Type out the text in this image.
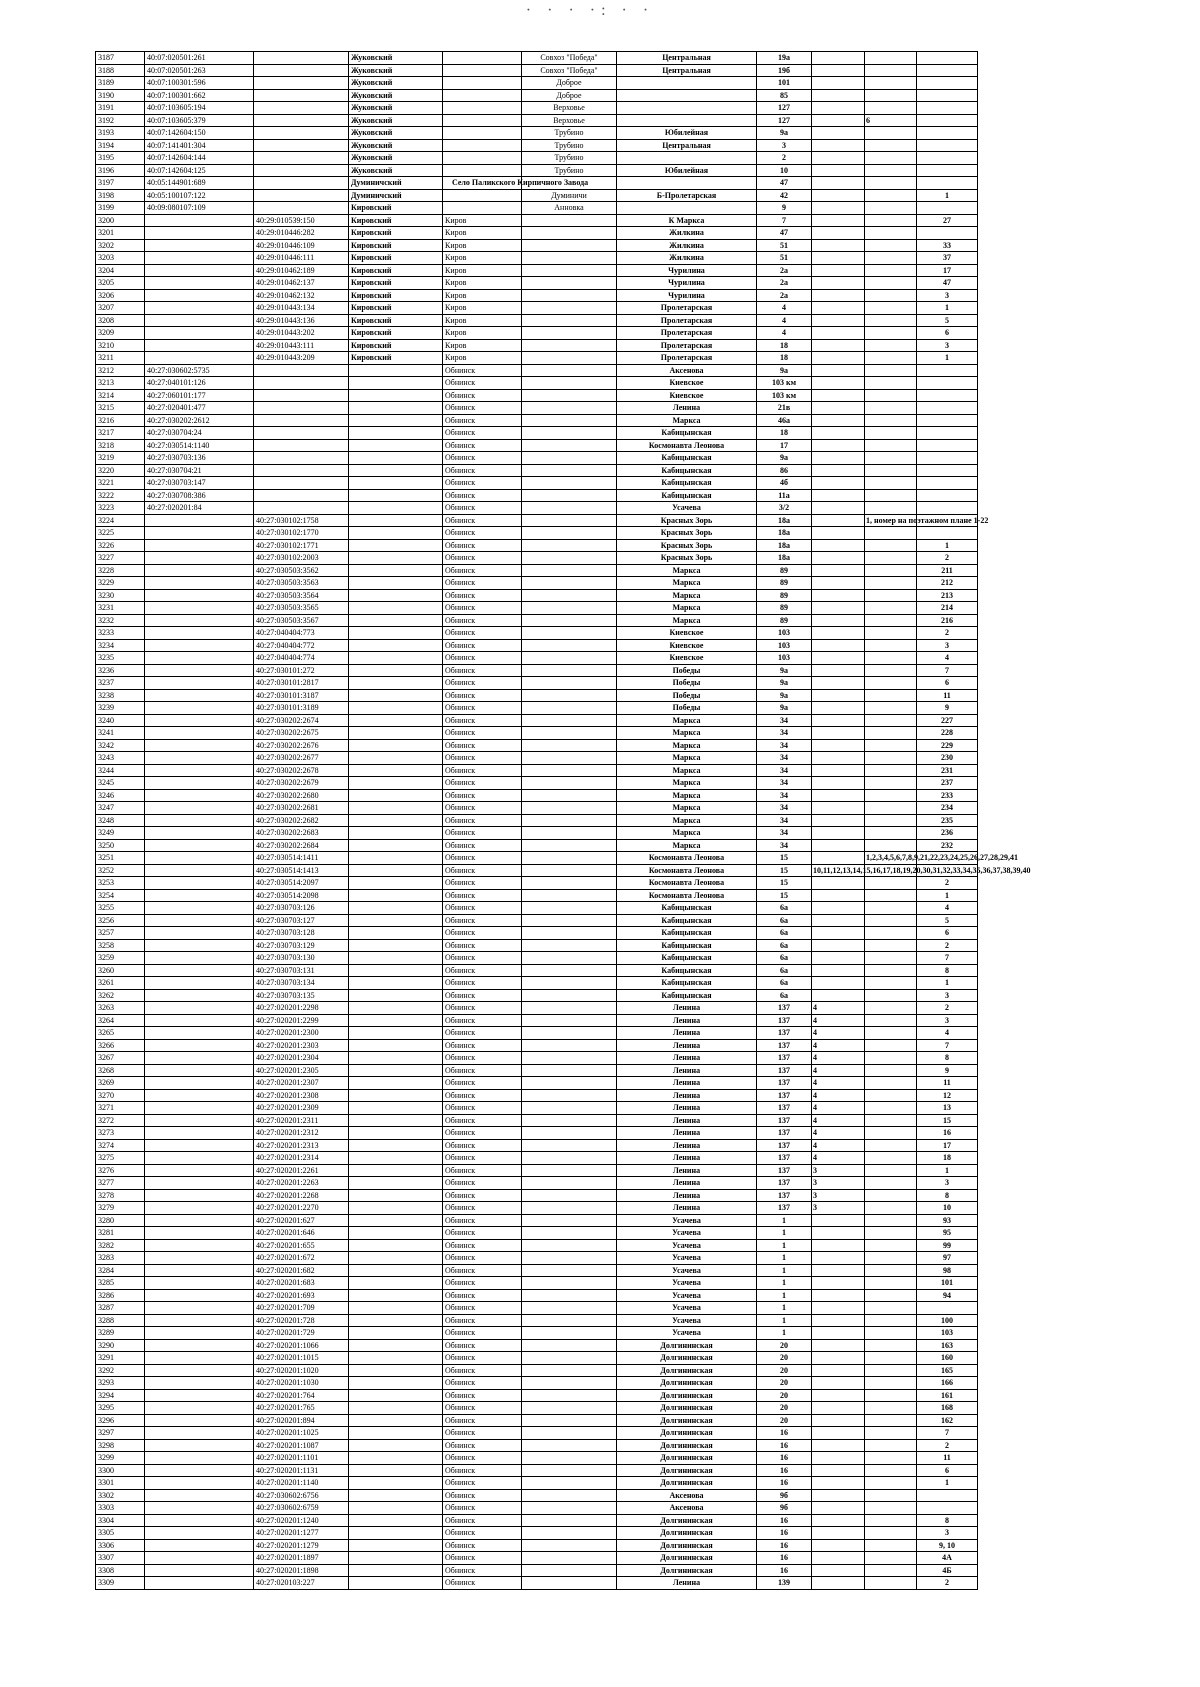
· · · ·: · ·
3187	40:07:020501:261		Жуковский		Совхоз "Победа"	Центральная	19а	

3188	40:07:020501:263		Жуковский		Совхоз "Победа"	Центральная	19б	

3189	40:07:100301:596		Жуковский		Доброе		101	

3190	40:07:100301:662		Жуковский		Доброе		85	

3191	40:07:103605:194		Жуковский		Верховье		127	

3192	40:07:103605:379		Жуковский		Верховье		127		6	

3193	40:07:142604:150		Жуковский		Трубино	Юбилейная	9а	

3194	40:07:141401:304		Жуковский		Трубино	Центральная	3	

3195	40:07:142604:144		Жуковский		Трубино		2	

3196	40:07:142604:125		Жуковский		Трубино	Юбилейная	10	

3197	40:05:144901:689		Думиничский		Село Паликского Кирпичного Завода		47	

3198	40:05:100107:122		Думиничский		Думиничи	Б-Пролетарская	42			1
3199	40:09:080107:109		Кировский		Анновка		9	

3200		40:29:010539:150	Кировский	Киров		К Маркса	7			27
3201		40:29:010446:282	Кировский	Киров		Жилкина	47	

3202		40:29:010446:109	Кировский	Киров		Жилкина	51			33
3203		40:29:010446:111	Кировский	Киров		Жилкина	51			37
3204		40:29:010462:189	Кировский	Киров		Чурилина	2а			17
3205		40:29:010462:137	Кировский	Киров		Чурилина	2а			47
3206		40:29:010462:132	Кировский	Киров		Чурилина	2а			3
3207		40:29:010443:134	Кировский	Киров		Пролетарская	4			1
3208		40:29:010443:136	Кировский	Киров		Пролетарская	4			5
3209		40:29:010443:202	Кировский	Киров		Пролетарская	4			6
3210		40:29:010443:111	Кировский	Киров		Пролетарская	18			3
3211		40:29:010443:209	Кировский	Киров		Пролетарская	18			1
3212	40:27:030602:5735			Обнинск		Аксенова	9а	

3213	40:27:040101:126			Обнинск		Киевское	103 км	

3214	40:27:060101:177			Обнинск		Киевское	103 км	

3215	40:27:020401:477			Обнинск		Ленина	21в	

3216	40:27:030202:2612			Обнинск		Маркса	46а	

3217	40:27:030704:24			Обнинск		Кабицынская	18	

3218	40:27:030514:1140			Обнинск		Космонавта Леонова	17	

3219	40:27:030703:136			Обнинск		Кабицынская	9а	

3220	40:27:030704:21			Обнинск		Кабицынская	86	

3221	40:27:030703:147			Обнинск		Кабицынская	4б	

3222	40:27:030708:386			Обнинск		Кабицынская	11а	

3223	40:27:020201:84			Обнинск		Усачева	3/2	

3224		40:27:030102:1758		Обнинск		Красных Зорь	18а		1, номер на поэтажном плане 1-22	

3225		40:27:030102:1770		Обнинск		Красных Зорь	18а	

3226		40:27:030102:1771		Обнинск		Красных Зорь	18а			1
3227		40:27:030102:2003		Обнинск		Красных Зорь	18а			2
3228		40:27:030503:3562		Обнинск		Маркса	89			211
3229		40:27:030503:3563		Обнинск		Маркса	89			212
3230		40:27:030503:3564		Обнинск		Маркса	89			213
3231		40:27:030503:3565		Обнинск		Маркса	89			214
3232		40:27:030503:3567		Обнинск		Маркса	89			216
3233		40:27:040404:773		Обнинск		Киевское	103			2
3234		40:27:040404:772		Обнинск		Киевское	103			3
3235		40:27:040404:774		Обнинск		Киевское	103			4
3236		40:27:030101:272		Обнинск		Победы	9а			7
3237		40:27:030101:2817		Обнинск		Победы	9а			6
3238		40:27:030101:3187		Обнинск		Победы	9а			11
3239		40:27:030101:3189		Обнинск		Победы	9а			9
3240		40:27:030202:2674		Обнинск		Маркса	34			227
3241		40:27:030202:2675		Обнинск		Маркса	34			228
3242		40:27:030202:2676		Обнинск		Маркса	34			229
3243		40:27:030202:2677		Обнинск		Маркса	34			230
3244		40:27:030202:2678		Обнинск		Маркса	34			231
3245		40:27:030202:2679		Обнинск		Маркса	34			237
3246		40:27:030202:2680		Обнинск		Маркса	34			233
3247		40:27:030202:2681		Обнинск		Маркса	34			234
3248		40:27:030202:2682		Обнинск		Маркса	34			235
3249		40:27:030202:2683		Обнинск		Маркса	34			236
3250		40:27:030202:2684		Обнинск		Маркса	34			232
3251		40:27:030514:1411		Обнинск		Космонавта Леонова	15		1,2,3,4,5,6,7,8,9,21,22,23,24,25,26,27,28,29,41	

3252		40:27:030514:1413		Обнинск		Космонавта Леонова	15	10,11,12,13,14,15,16,17,18,19,20,30,31,32,33,34,35,36,37,38,39,40		

3253		40:27:030514:2097		Обнинск		Космонавта Леонова	15			2
3254		40:27:030514:2098		Обнинск		Космонавта Леонова	15			1
3255		40:27:030703:126		Обнинск		Кабицынская	6а			4
3256		40:27:030703:127		Обнинск		Кабицынская	6а			5
3257		40:27:030703:128		Обнинск		Кабицынская	6а			6
3258		40:27:030703:129		Обнинск		Кабицынская	6а			2
3259		40:27:030703:130		Обнинск		Кабицынская	6а			7
3260		40:27:030703:131		Обнинск		Кабицынская	6а			8
3261		40:27:030703:134		Обнинск		Кабицынская	6а			1
3262		40:27:030703:135		Обнинск		Кабицынская	6а			3
3263		40:27:020201:2298		Обнинск		Ленина	137	4		2
3264		40:27:020201:2299		Обнинск		Ленина	137	4		3
3265		40:27:020201:2300		Обнинск		Ленина	137	4		4
3266		40:27:020201:2303		Обнинск		Ленина	137	4		7
3267		40:27:020201:2304		Обнинск		Ленина	137	4		8
3268		40:27:020201:2305		Обнинск		Ленина	137	4		9
3269		40:27:020201:2307		Обнинск		Ленина	137	4		11
3270		40:27:020201:2308		Обнинск		Ленина	137	4		12
3271		40:27:020201:2309		Обнинск		Ленина	137	4		13
3272		40:27:020201:2311		Обнинск		Ленина	137	4		15
3273		40:27:020201:2312		Обнинск		Ленина	137	4		16
3274		40:27:020201:2313		Обнинск		Ленина	137	4		17
3275		40:27:020201:2314		Обнинск		Ленина	137	4		18
3276		40:27:020201:2261		Обнинск		Ленина	137	3		1
3277		40:27:020201:2263		Обнинск		Ленина	137	3		3
3278		40:27:020201:2268		Обнинск		Ленина	137	3		8
3279		40:27:020201:2270		Обнинск		Ленина	137	3		10
3280		40:27:020201:627		Обнинск		Усачева	1			93
3281		40:27:020201:646		Обнинск		Усачева	1			95
3282		40:27:020201:655		Обнинск		Усачева	1			99
3283		40:27:020201:672		Обнинск		Усачева	1			97
3284		40:27:020201:682		Обнинск		Усачева	1			98
3285		40:27:020201:683		Обнинск		Усачева	1			101
3286		40:27:020201:693		Обнинск		Усачева	1			94
3287		40:27:020201:709		Обнинск		Усачева	1	

3288		40:27:020201:728		Обнинск		Усачева	1			100
3289		40:27:020201:729		Обнинск		Усачева	1			103
3290		40:27:020201:1066		Обнинск		Долгининская	20			163
3291		40:27:020201:1015		Обнинск		Долгининская	20			160
3292		40:27:020201:1020		Обнинск		Долгининская	20			165
3293		40:27:020201:1030		Обнинск		Долгининская	20			166
3294		40:27:020201:764		Обнинск		Долгининская	20			161
3295		40:27:020201:765		Обнинск		Долгининская	20			168
3296		40:27:020201:894		Обнинск		Долгининская	20			162
3297		40:27:020201:1025		Обнинск		Долгининская	16			7
3298		40:27:020201:1087		Обнинск		Долгининская	16			2
3299		40:27:020201:1101		Обнинск		Долгининская	16			11
3300		40:27:020201:1131		Обнинск		Долгининская	16			6
3301		40:27:020201:1140		Обнинск		Долгининская	16			1
3302		40:27:030602:6756		Обнинск		Аксенова	9б	

3303		40:27:030602:6759		Обнинск		Аксенова	9б	

3304		40:27:020201:1240		Обнинск		Долгининская	16			8
3305		40:27:020201:1277		Обнинск		Долгининская	16			3
3306		40:27:020201:1279		Обнинск		Долгининская	16			9, 10
3307		40:27:020201:1897		Обнинск		Долгининская	16			4А
3308		40:27:020201:1898		Обнинск		Долгининская	16			4Б
3309		40:27:020103:227		Обнинск		Ленина	139			2
